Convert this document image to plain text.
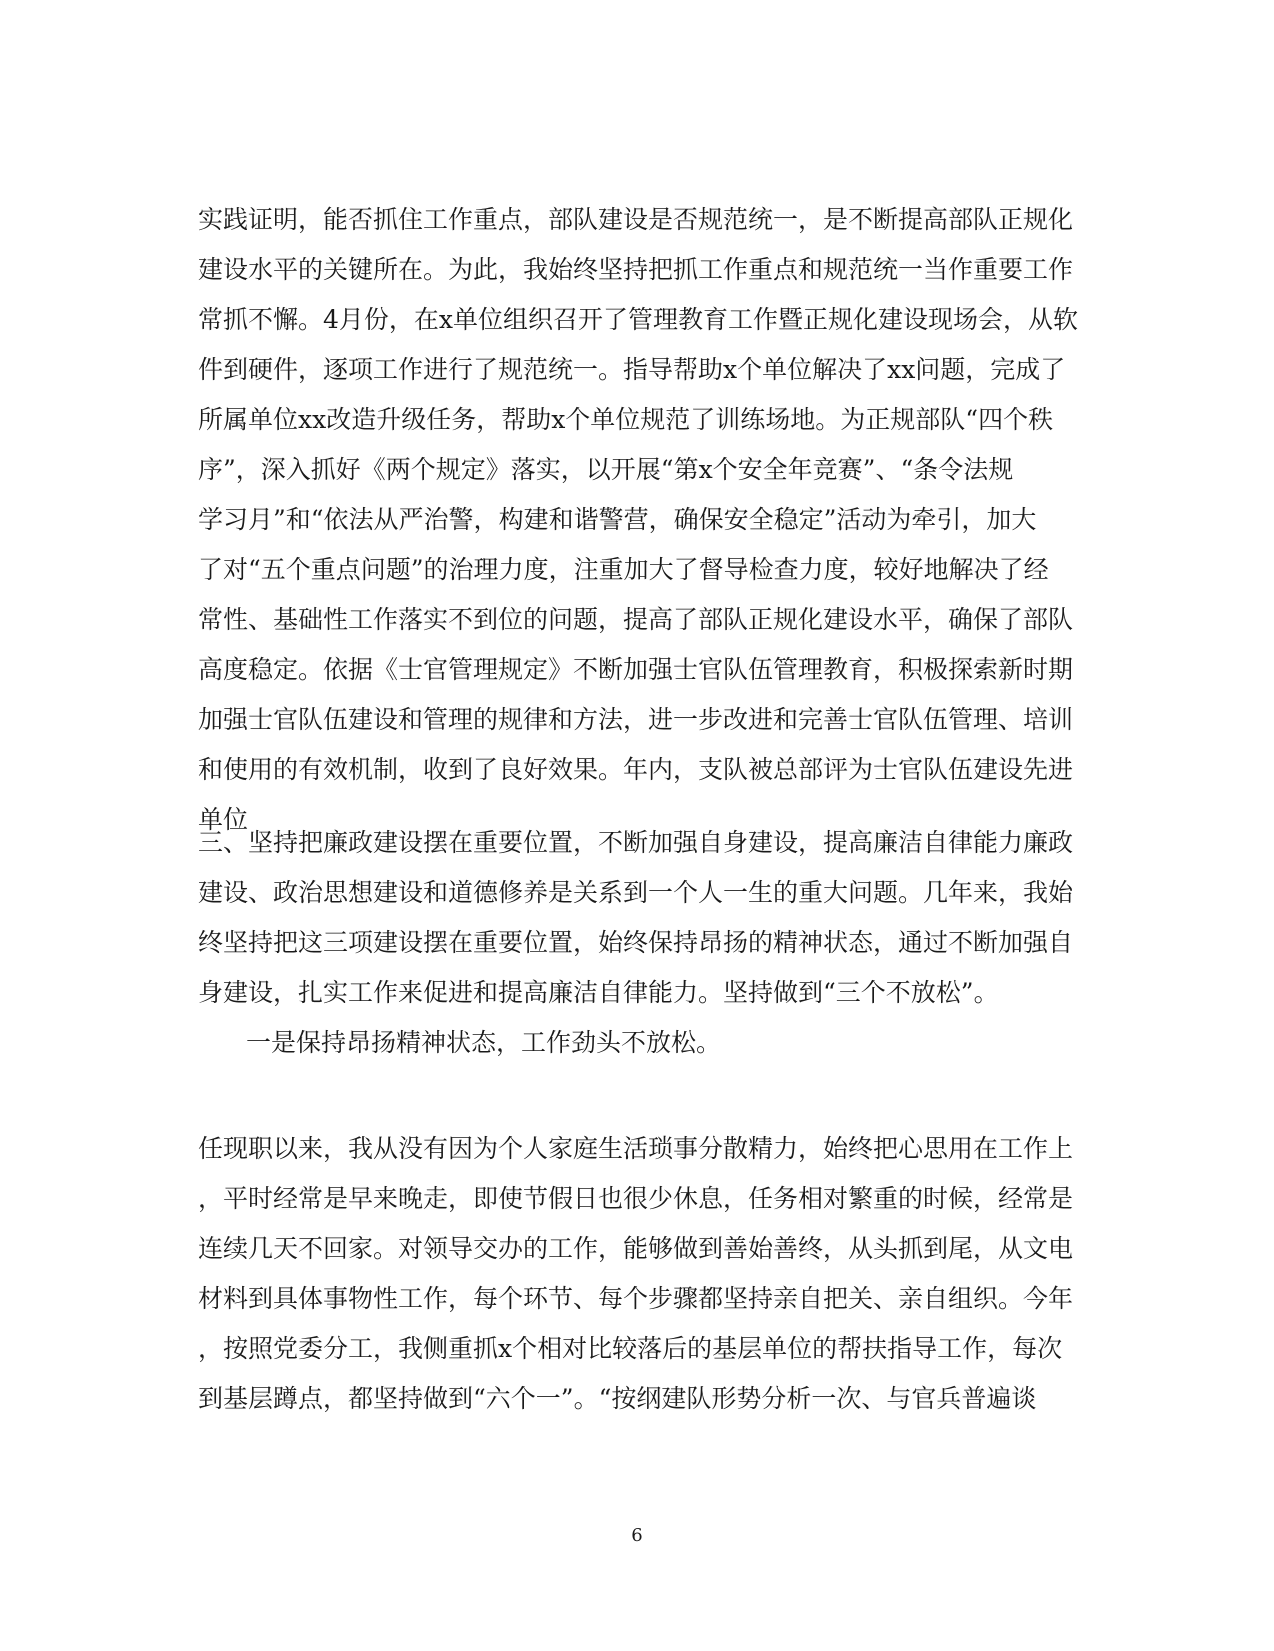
实践证明，能否抓住工作重点，部队建设是否规范统一，是不断提高部队正规化
建设水平的关键所在。为此，我始终坚持把抓工作重点和规范统一当作重要工作
常抓不懈。4月份，在x单位组织召开了管理教育工作暨正规化建设现场会，从软
件到硬件，逐项工作进行了规范统一。指导帮助x个单位解决了xx问题，完成了
所属单位xx改造升级任务，帮助x个单位规范了训练场地。为正规部队“四个秩
序”，深入抓好《两个规定》落实，以开展“第x个安全年竞赛”、“条令法规
学习月”和“依法从严治警，构建和谐警营，确保安全稳定”活动为牵引，加大
了对“五个重点问题”的治理力度，注重加大了督导检查力度，较好地解决了经
常性、基础性工作落实不到位的问题，提高了部队正规化建设水平，确保了部队
高度稳定。依据《士官管理规定》不断加强士官队伍管理教育，积极探索新时期
加强士官队伍建设和管理的规律和方法，进一步改进和完善士官队伍管理、培训
和使用的有效机制，收到了良好效果。年内，支队被总部评为士官队伍建设先进
单位
三、坚持把廉政建设摆在重要位置，不断加强自身建设，提高廉洁自律能力廉政
建设、政治思想建设和道德修养是关系到一个人一生的重大问题。几年来，我始
终坚持把这三项建设摆在重要位置，始终保持昂扬的精神状态，通过不断加强自
身建设，扎实工作来促进和提高廉洁自律能力。坚持做到“三个不放松”。
一是保持昂扬精神状态，工作劲头不放松。
任现职以来，我从没有因为个人家庭生活琐事分散精力，始终把心思用在工作上
，平时经常是早来晚走，即使节假日也很少休息，任务相对繁重的时候，经常是
连续几天不回家。对领导交办的工作，能够做到善始善终，从头抓到尾，从文电
材料到具体事物性工作，每个环节、每个步骤都坚持亲自把关、亲自组织。今年
，按照党委分工，我侧重抓x个相对比较落后的基层单位的帮扶指导工作，每次
到基层蹲点，都坚持做到“六个一”。“按纲建队形势分析一次、与官兵普遍谈
6
